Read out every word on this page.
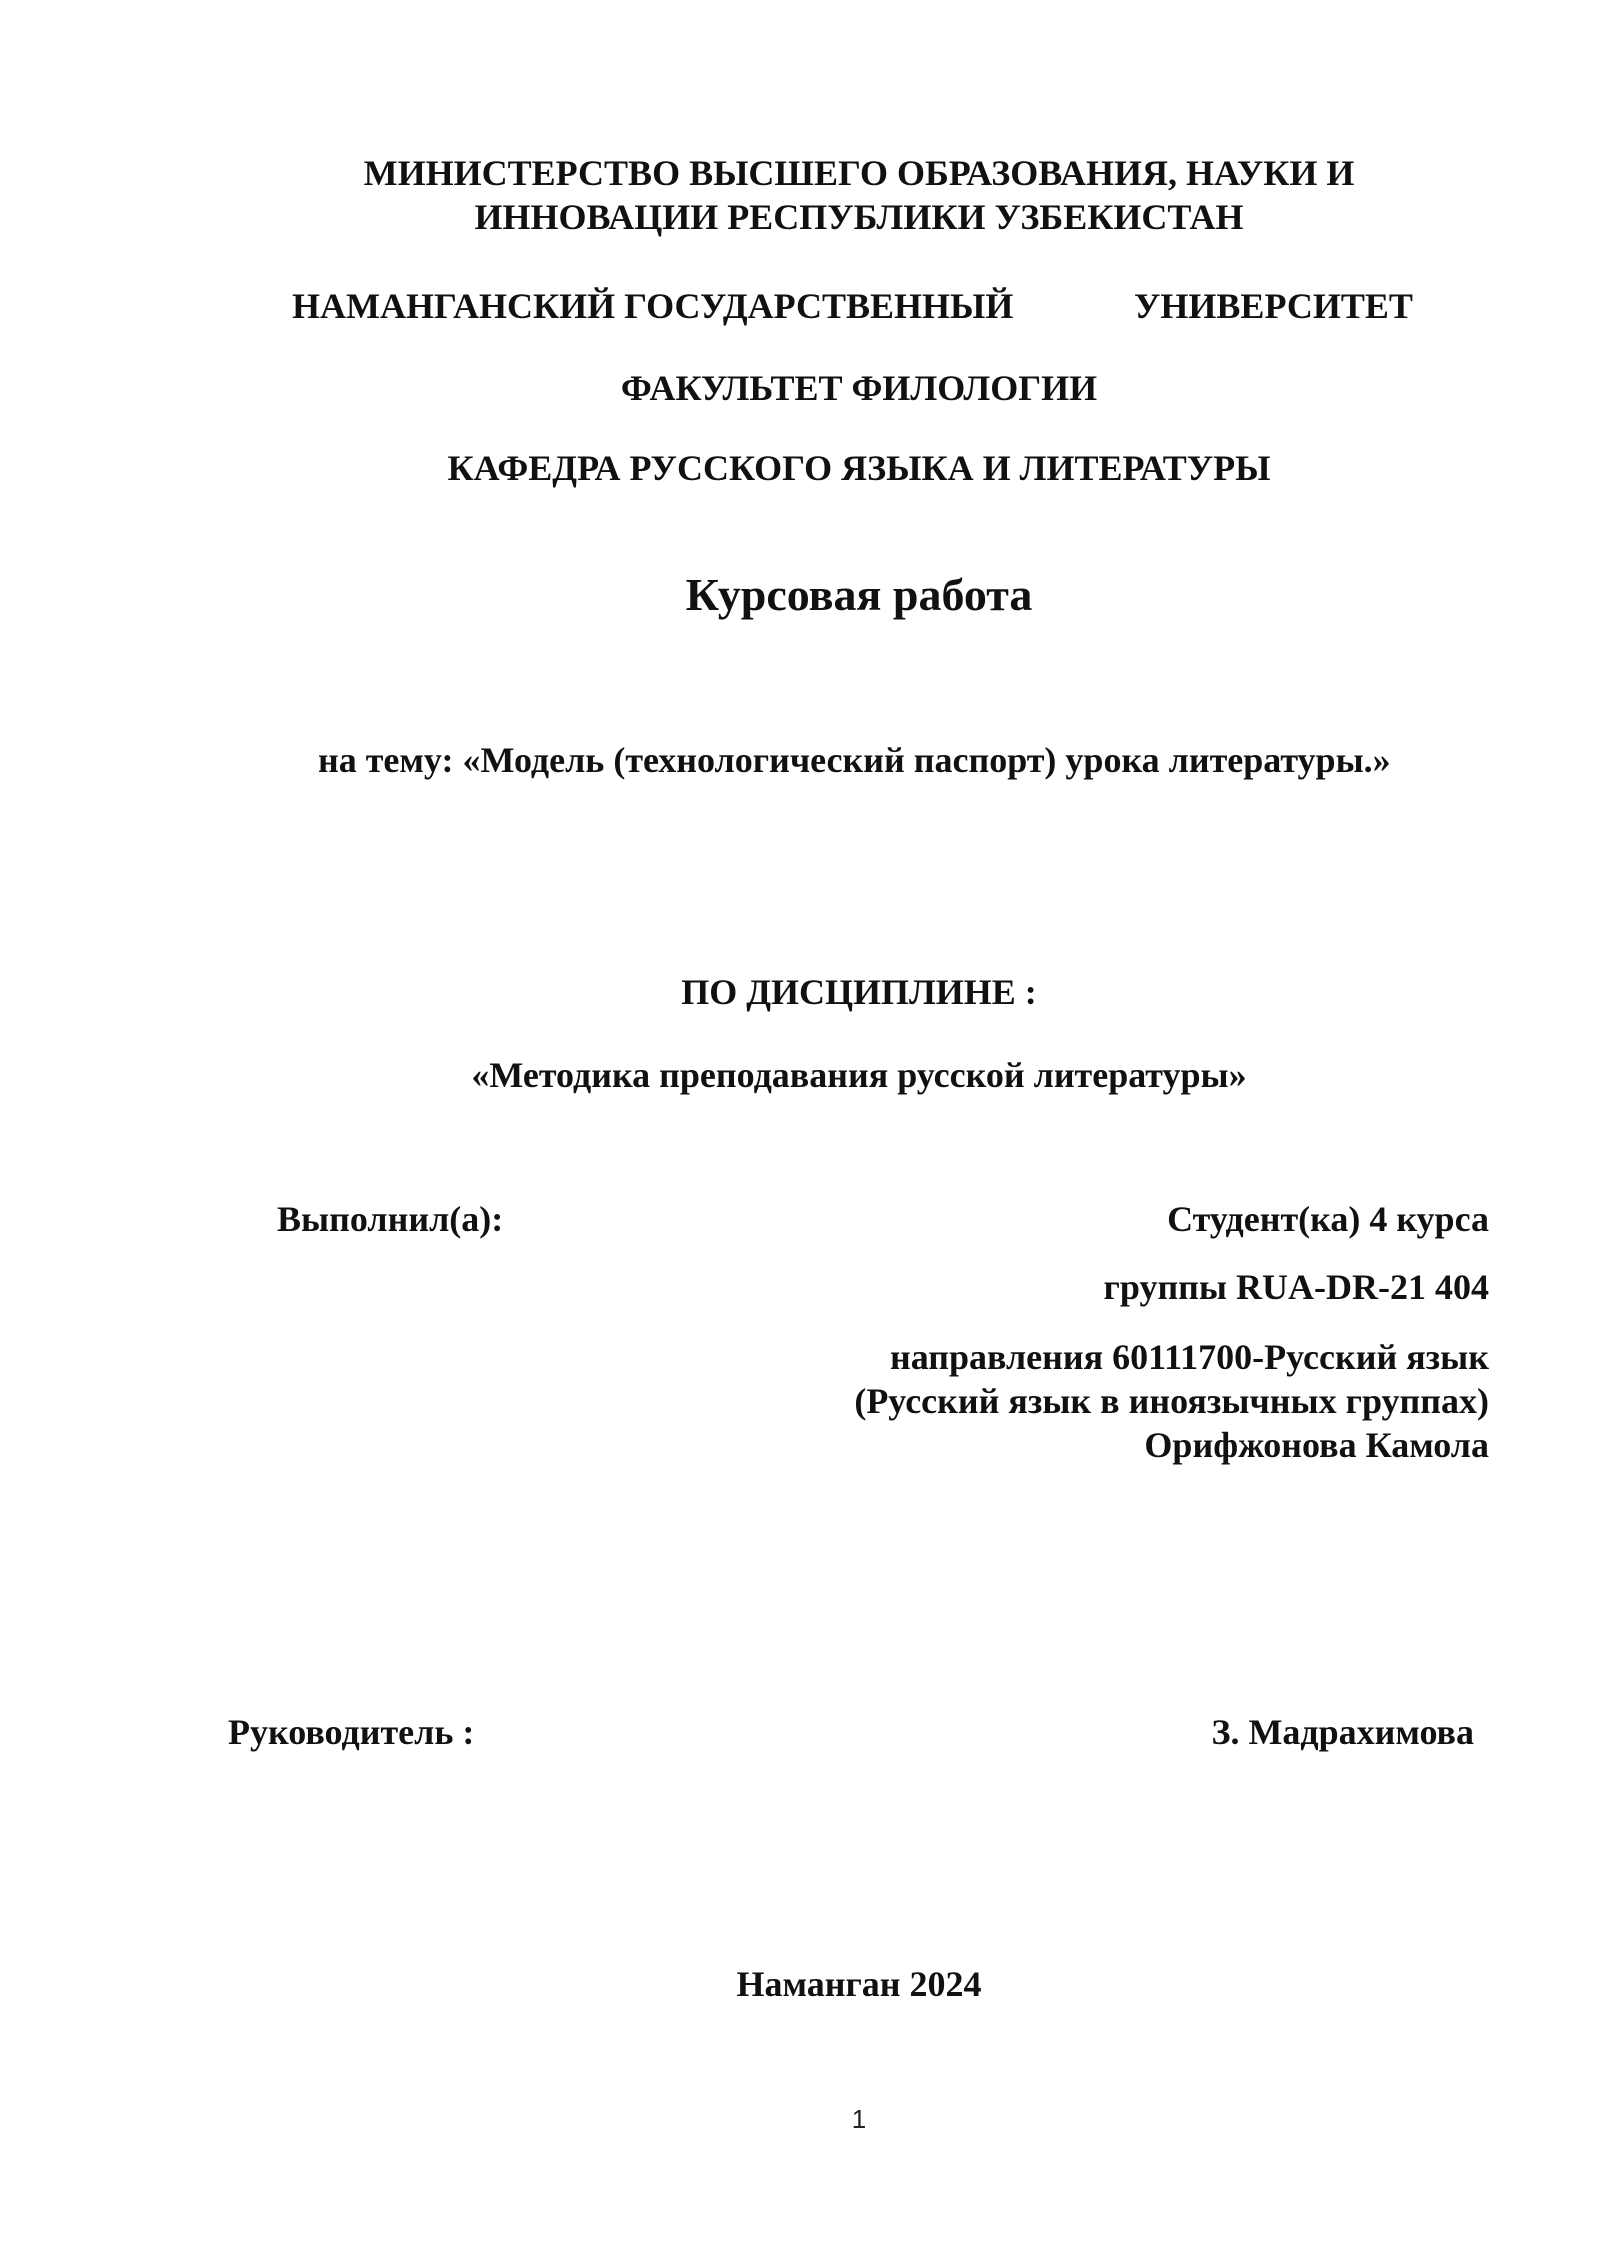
МИНИСТЕРСТВО ВЫСШЕГО ОБРАЗОВАНИЯ, НАУКИ И
ИННОВАЦИИ РЕСПУБЛИКИ УЗБЕКИСТАН
НАМАНГАНСКИЙ ГОСУДАРСТВЕННЫЙ	УНИВЕРСИТЕТ
ФАКУЛЬТЕТ ФИЛОЛОГИИ
КАФЕДРА РУССКОГО ЯЗЫКА И ЛИТЕРАТУРЫ
Курсовая работа
на тему: «Модель (технологический паспорт) урока литературы.»
ПО ДИСЦИПЛИНЕ :
«Методика преподавания русской литературы»
Выполнил(а):	Студент(ка) 4 курса
группы RUA-DR-21 404
направления 60111700-Русский язык
(Русский язык в иноязычных группах)
Орифжонова Камола
Руководитель :	З. Мадрахимова
Наманган 2024
1
